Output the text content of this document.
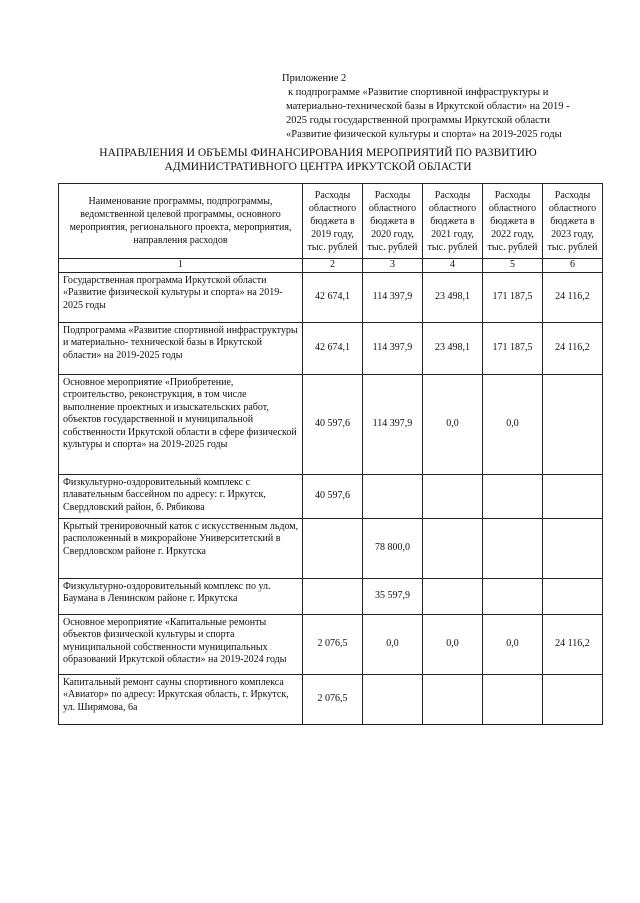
Приложение 2
к подпрограмме «Развитие спортивной инфраструктуры и
материально-технической базы в Иркутской области» на 2019 -
2025 годы государственной программы Иркутской области
«Развитие физической культуры и спорта» на 2019-2025 годы
НАПРАВЛЕНИЯ И ОБЪЕМЫ ФИНАНСИРОВАНИЯ МЕРОПРИЯТИЙ ПО РАЗВИТИЮ
АДМИНИСТРАТИВНОГО ЦЕНТРА ИРКУТСКОЙ ОБЛАСТИ
Наименование программы, подпрограммы, ведомственной целевой программы, основного мероприятия, регионального проекта, мероприятия, направления расходов	Расходы областного бюджета в 2019 году, тыс. рублей	Расходы областного бюджета в 2020 году, тыс. рублей	Расходы областного бюджета в 2021 году, тыс. рублей	Расходы областного бюджета в 2022 году, тыс. рублей	Расходы областного бюджета в 2023 году, тыс. рублей
1	2	3	4	5	6
Государственная программа Иркутской области «Развитие физической культуры и спорта» на 2019-2025 годы	42 674,1	114 397,9	23 498,1	171 187,5	24 116,2
Подпрограмма «Развитие спортивной инфраструктуры и материально- технической базы в Иркутской области» на 2019-2025 годы	42 674,1	114 397,9	23 498,1	171 187,5	24 116,2
Основное мероприятие «Приобретение, строительство, реконструкция, в том числе выполнение проектных и изыскательских работ, объектов государственной и муниципальной собственности Иркутской области в сфере физической культуры и спорта» на 2019-2025 годы	40 597,6	114 397,9	0,0	0,0	
Физкультурно-оздоровительный комплекс с плавательным бассейном по адресу: г. Иркутск, Свердловский район, б. Рябикова	40 597,6				
Крытый тренировочный каток с искусственным льдом, расположенный в микрорайоне Университетский в Свердловском районе г. Иркутска		78 800,0			
Физкультурно-оздоровительный комплекс по ул. Баумана в Ленинском районе г. Иркутска		35 597,9			
Основное мероприятие «Капитальные ремонты объектов физической культуры и спорта муниципальной собственности муниципальных образований Иркутской области» на 2019-2024 годы	2 076,5	0,0	0,0	0,0	24 116,2
Капитальный ремонт сауны спортивного комплекса «Авиатор» по адресу: Иркутская область, г. Иркутск, ул. Ширямова, 6а	2 076,5				
